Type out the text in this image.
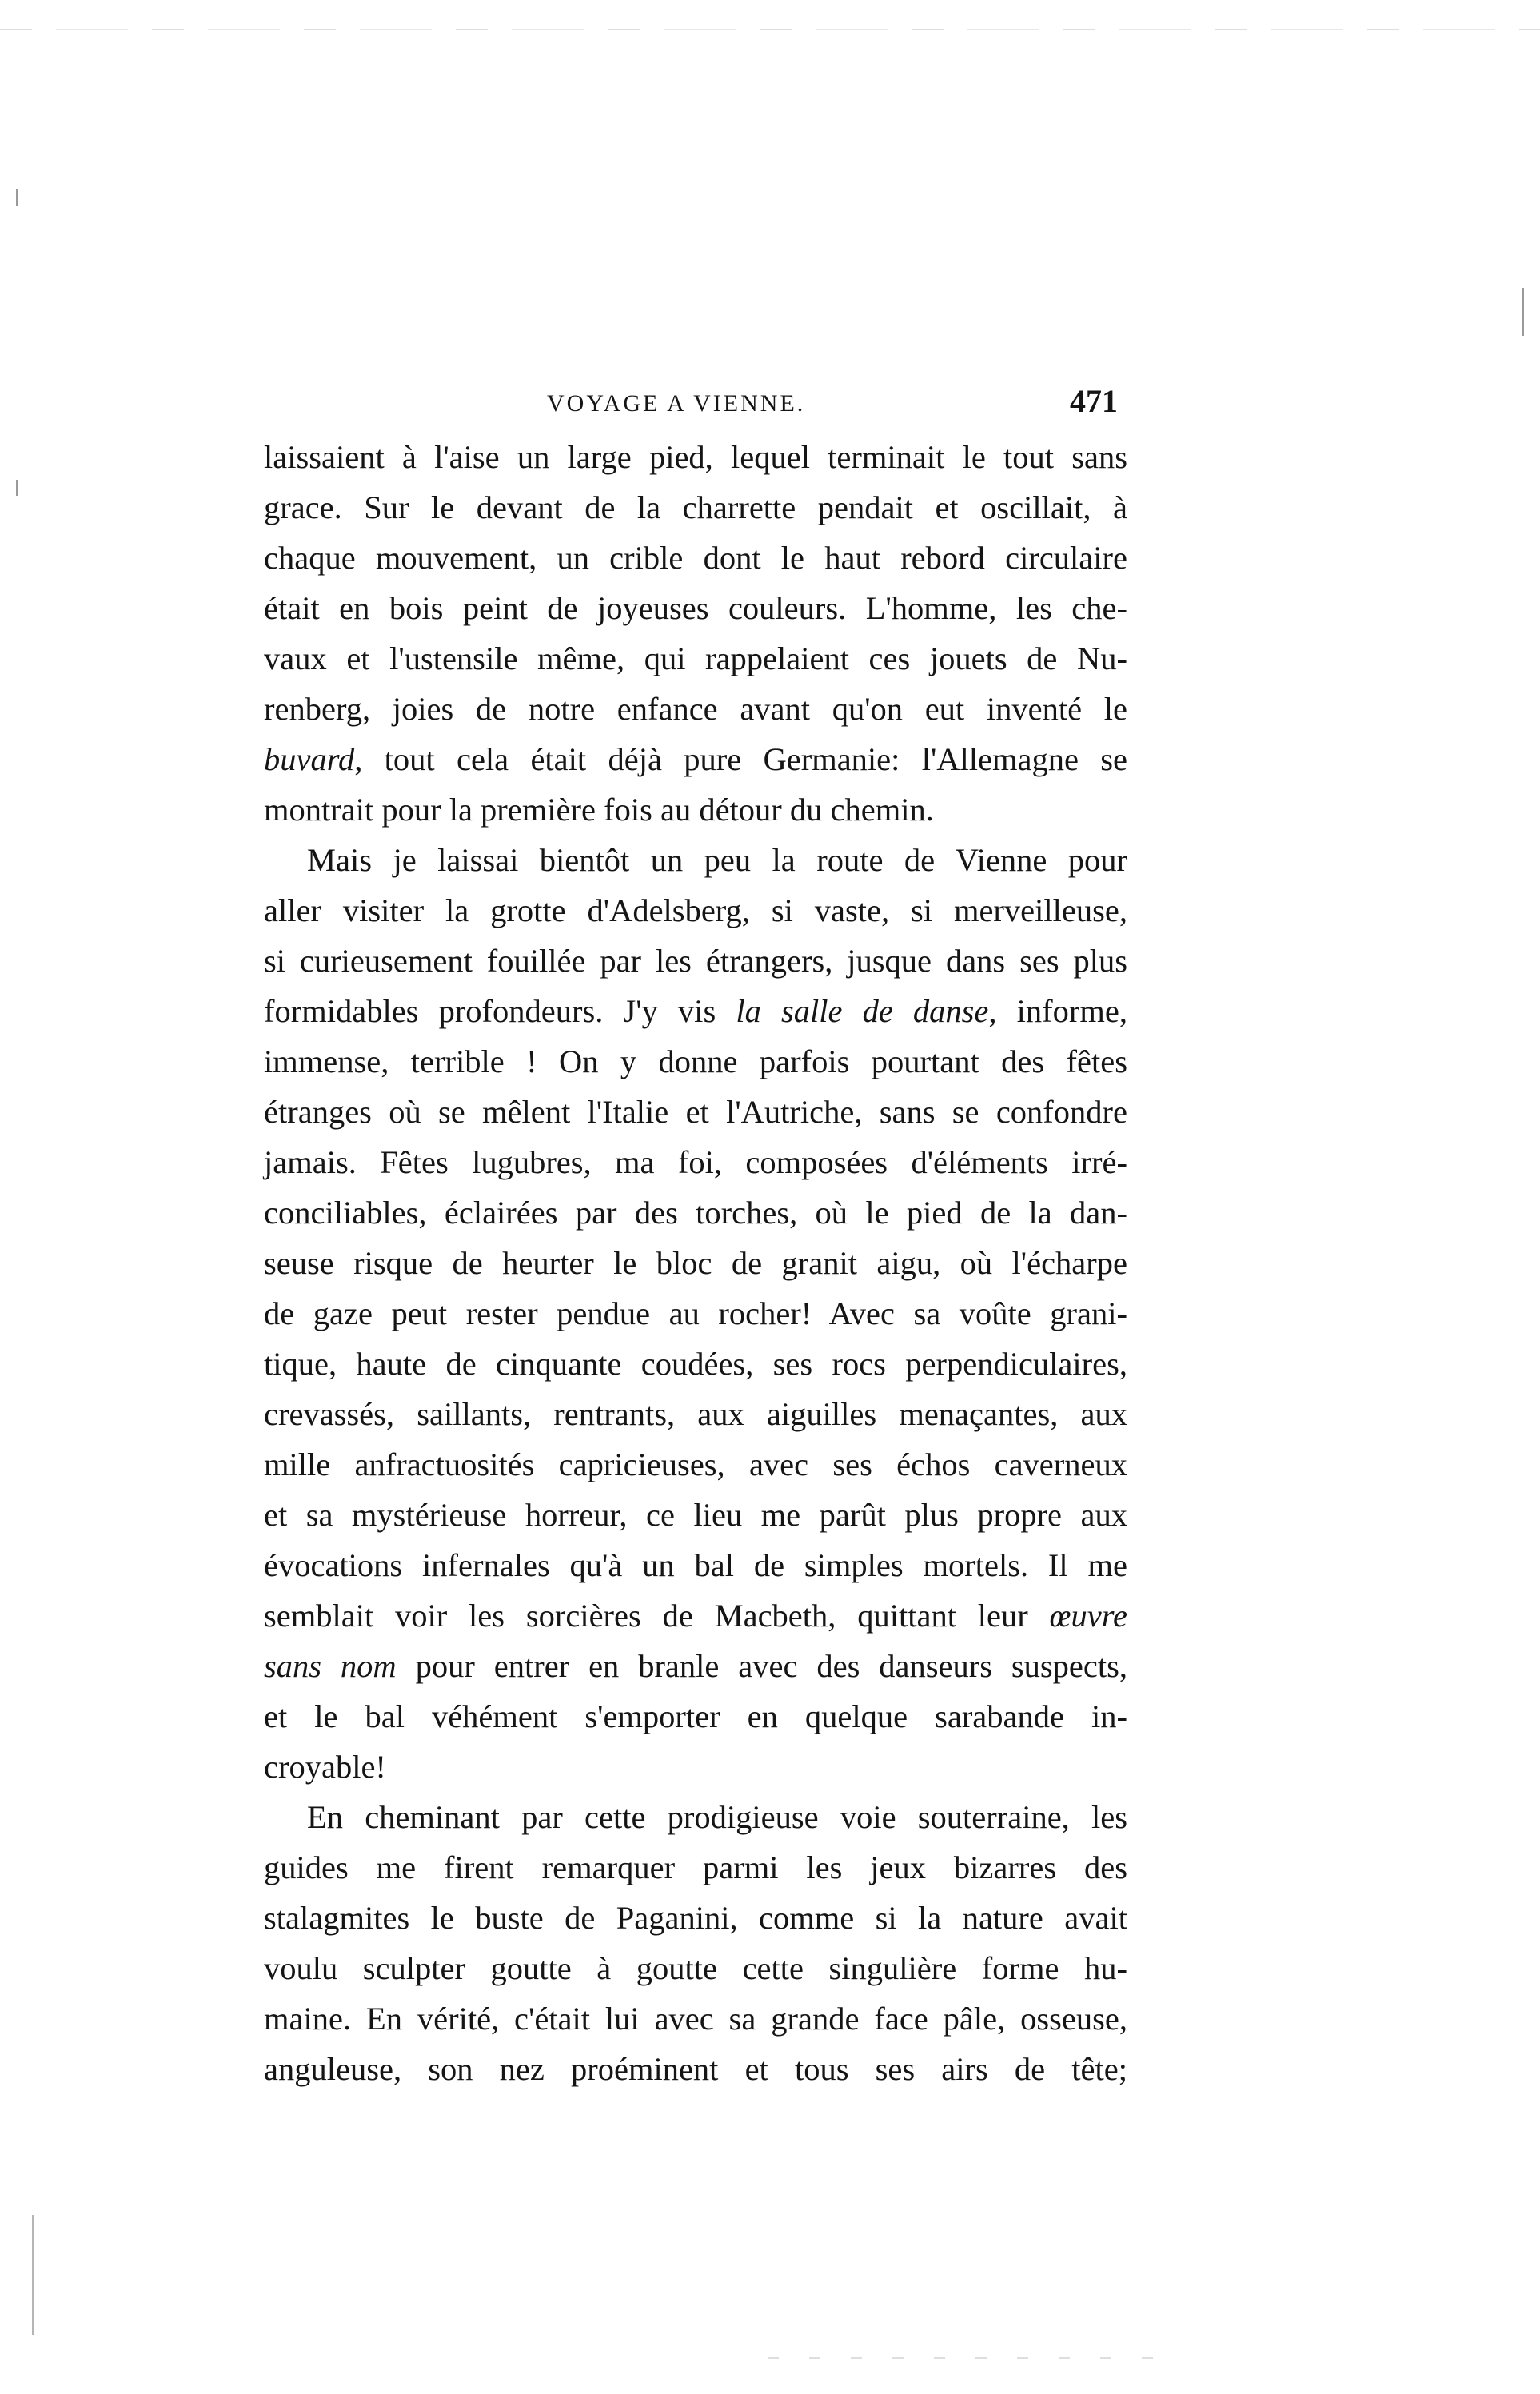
VOYAGE A VIENNE.	471
laissaient à l'aise un large pied, lequel terminait le tout sans
grace. Sur le devant de la charrette pendait et oscillait, à
chaque mouvement, un crible dont le haut rebord circulaire
était en bois peint de joyeuses couleurs. L'homme, les che-
vaux et l'ustensile même, qui rappelaient ces jouets de Nu-
renberg, joies de notre enfance avant qu'on eut inventé le
buvard, tout cela était déjà pure Germanie: l'Allemagne se
montrait pour la première fois au détour du chemin.
Mais je laissai bientôt un peu la route de Vienne pour
aller visiter la grotte d'Adelsberg, si vaste, si merveilleuse,
si curieusement fouillée par les étrangers, jusque dans ses plus
formidables profondeurs. J'y vis la salle de danse, informe,
immense, terrible ! On y donne parfois pourtant des fêtes
étranges où se mêlent l'Italie et l'Autriche, sans se confondre
jamais. Fêtes lugubres, ma foi, composées d'éléments irré-
conciliables, éclairées par des torches, où le pied de la dan-
seuse risque de heurter le bloc de granit aigu, où l'écharpe
de gaze peut rester pendue au rocher! Avec sa voûte grani-
tique, haute de cinquante coudées, ses rocs perpendiculaires,
crevassés, saillants, rentrants, aux aiguilles menaçantes, aux
mille anfractuosités capricieuses, avec ses échos caverneux
et sa mystérieuse horreur, ce lieu me parût plus propre aux
évocations infernales qu'à un bal de simples mortels. Il me
semblait voir les sorcières de Macbeth, quittant leur œuvre
sans nom pour entrer en branle avec des danseurs suspects,
et le bal véhément s'emporter en quelque sarabande in-
croyable!
En cheminant par cette prodigieuse voie souterraine, les
guides me firent remarquer parmi les jeux bizarres des
stalagmites le buste de Paganini, comme si la nature avait
voulu sculpter goutte à goutte cette singulière forme hu-
maine. En vérité, c'était lui avec sa grande face pâle, osseuse,
anguleuse, son nez proéminent et tous ses airs de tête;
